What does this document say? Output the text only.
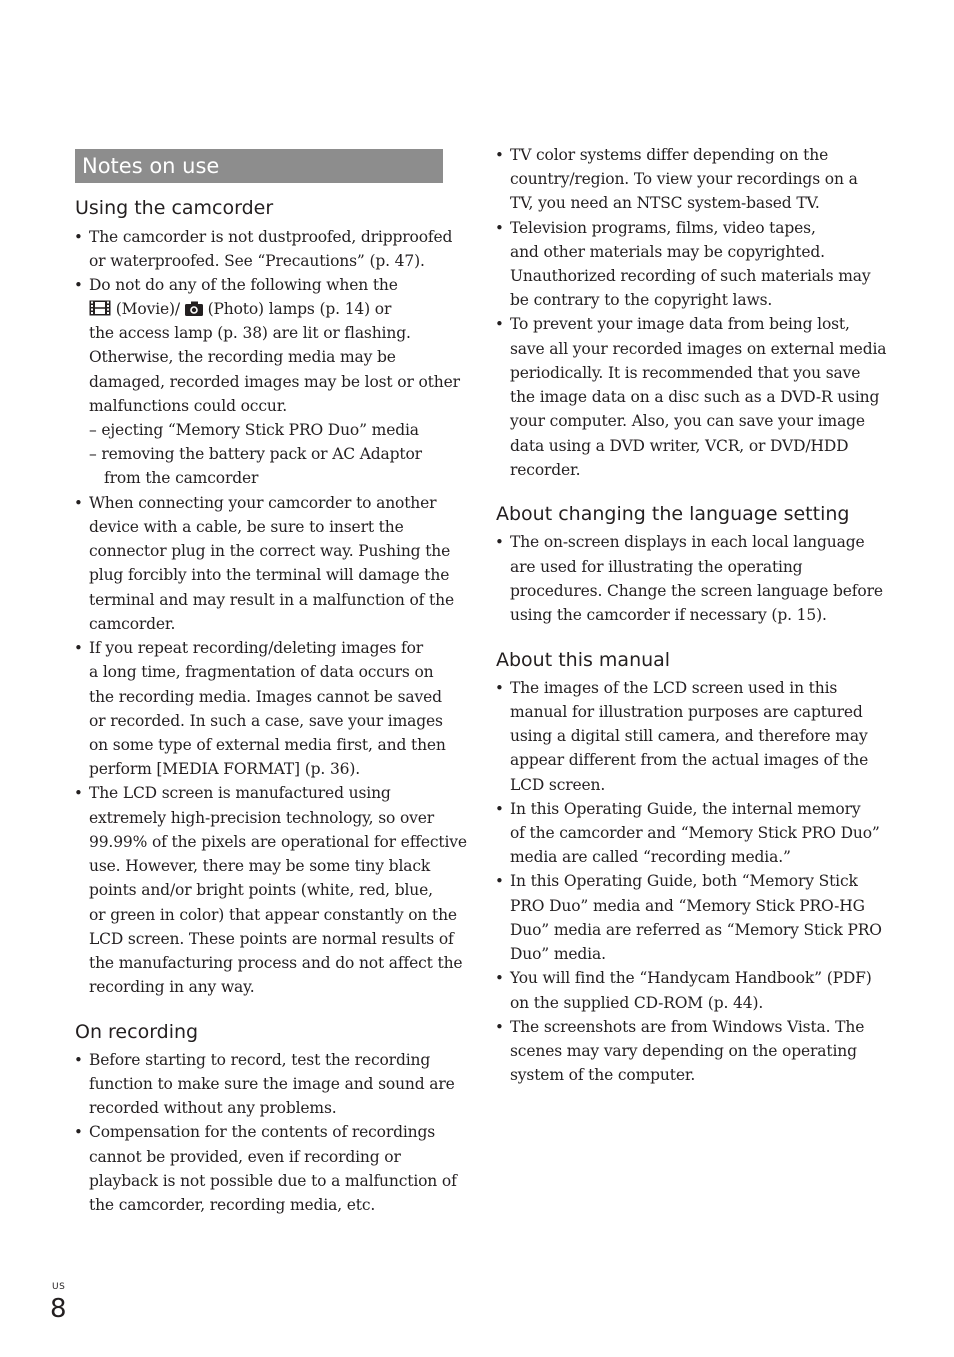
Notes on use
Using the camcorder
• The camcorder is not dustproofed, dripproofed
or waterproofed. See “Precautions” (p. 47).
• Do not do any of the following when the
(Movie)/ (Photo) lamps (p. 14) or
the access lamp (p. 38) are lit or flashing.
Otherwise, the recording media may be
damaged, recorded images may be lost or other
malfunctions could occur.
– ejecting “Memory Stick PRO Duo” media
– removing the battery pack or AC Adaptor
from the camcorder
• When connecting your camcorder to another
device with a cable, be sure to insert the
connector plug in the correct way. Pushing the
plug forcibly into the terminal will damage the
terminal and may result in a malfunction of the
camcorder.
• If you repeat recording/deleting images for
a long time, fragmentation of data occurs on
the recording media. Images cannot be saved
or recorded. In such a case, save your images
on some type of external media first, and then
perform [MEDIA FORMAT] (p. 36).
• The LCD screen is manufactured using
extremely high-precision technology, so over
99.99% of the pixels are operational for effective
use. However, there may be some tiny black
points and/or bright points (white, red, blue,
or green in color) that appear constantly on the
LCD screen. These points are normal results of
the manufacturing process and do not affect the
recording in any way.
On recording
• Before starting to record, test the recording
function to make sure the image and sound are
recorded without any problems.
• Compensation for the contents of recordings
cannot be provided, even if recording or
playback is not possible due to a malfunction of
the camcorder, recording media, etc.
• TV color systems differ depending on the
country/region. To view your recordings on a
TV, you need an NTSC system-based TV.
• Television programs, films, video tapes,
and other materials may be copyrighted.
Unauthorized recording of such materials may
be contrary to the copyright laws.
• To prevent your image data from being lost,
save all your recorded images on external media
periodically. It is recommended that you save
the image data on a disc such as a DVD-R using
your computer. Also, you can save your image
data using a DVD writer, VCR, or DVD/HDD
recorder.
About changing the language setting
• The on-screen displays in each local language
are used for illustrating the operating
procedures. Change the screen language before
using the camcorder if necessary (p. 15).
About this manual
• The images of the LCD screen used in this
manual for illustration purposes are captured
using a digital still camera, and therefore may
appear different from the actual images of the
LCD screen.
• In this Operating Guide, the internal memory
of the camcorder and “Memory Stick PRO Duo”
media are called “recording media.”
• In this Operating Guide, both “Memory Stick
PRO Duo” media and “Memory Stick PRO-HG
Duo” media are referred as “Memory Stick PRO
Duo” media.
• You will find the “Handycam Handbook” (PDF)
on the supplied CD-ROM (p. 44).
• The screenshots are from Windows Vista. The
scenes may vary depending on the operating
system of the computer.
US
8
